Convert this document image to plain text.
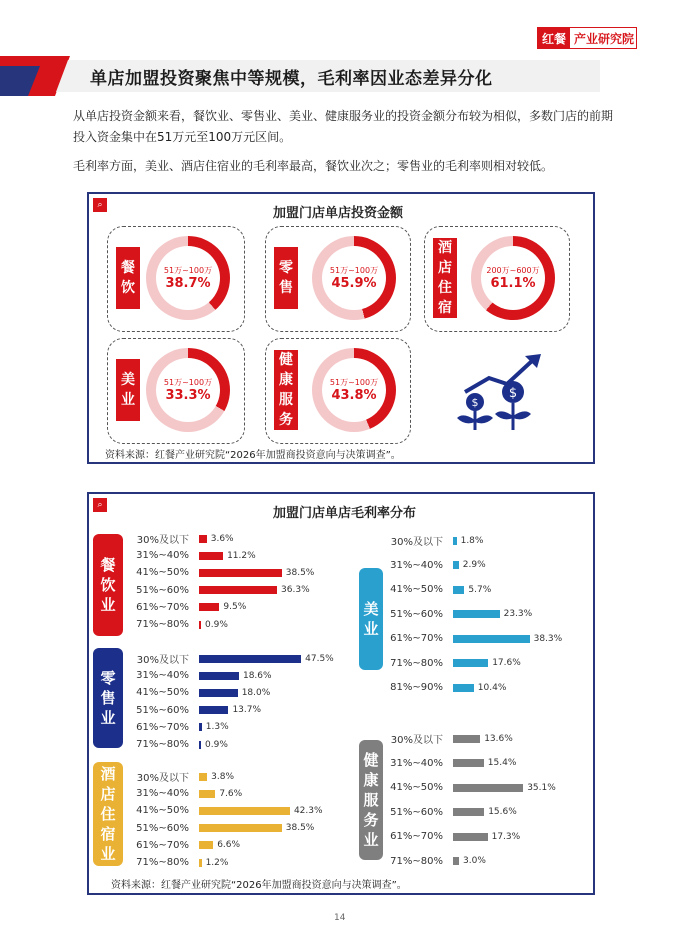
红餐 产业研究院
单店加盟投资聚焦中等规模，毛利率因业态差异分化
从单店投资金额来看，餐饮业、零售业、美业、健康服务业的投资金额分布较为相似，多数门店的前期投入资金集中在51万元至100万元区间。
毛利率方面，美业、酒店住宿业的毛利率最高，餐饮业次之；零售业的毛利率则相对较低。
⌕
加盟门店单店投资金额
餐
饮
51万~100万
38.7%
零
售
51万~100万
45.9%
酒
店
住
宿
200万~600万
61.1%
美
业
51万~100万
33.3%
健
康
服
务
51万~100万
43.8%	$
$
资料来源：红餐产业研究院“2026年加盟商投资意向与决策调查”。
⌕
加盟门店单店毛利率分布
餐
饮
业
30%及以下 3.6%
31%~40%	11.2%
41%~50%	38.5%
51%~60%	36.3%
61%~70%	9.5%
71%~80% 0.9%
零
售
业
30%及以下	47.5%
31%~40%	18.6%
41%~50%	18.0%
51%~60%	13.7%
61%~70% 1.3%
71%~80% 0.9%
酒
店
住
宿
业
30%及以下 3.8%
31%~40%	7.6%
41%~50%	42.3%
51%~60%	38.5%
61%~70%	6.6%
71%~80% 1.2%
美
业
30%及以下 1.8%
31%~40% 2.9%
41%~50%	5.7%
51%~60%	23.3%
61%~70%	38.3%
71%~80%	17.6%
81%~90%	10.4%
健
康
服
务
业
30%及以下	13.6%
31%~40%	15.4%
41%~50%	35.1%
51%~60%	15.6%
61%~70%	17.3%
71%~80% 3.0%
资料来源：红餐产业研究院“2026年加盟商投资意向与决策调查”。
14
